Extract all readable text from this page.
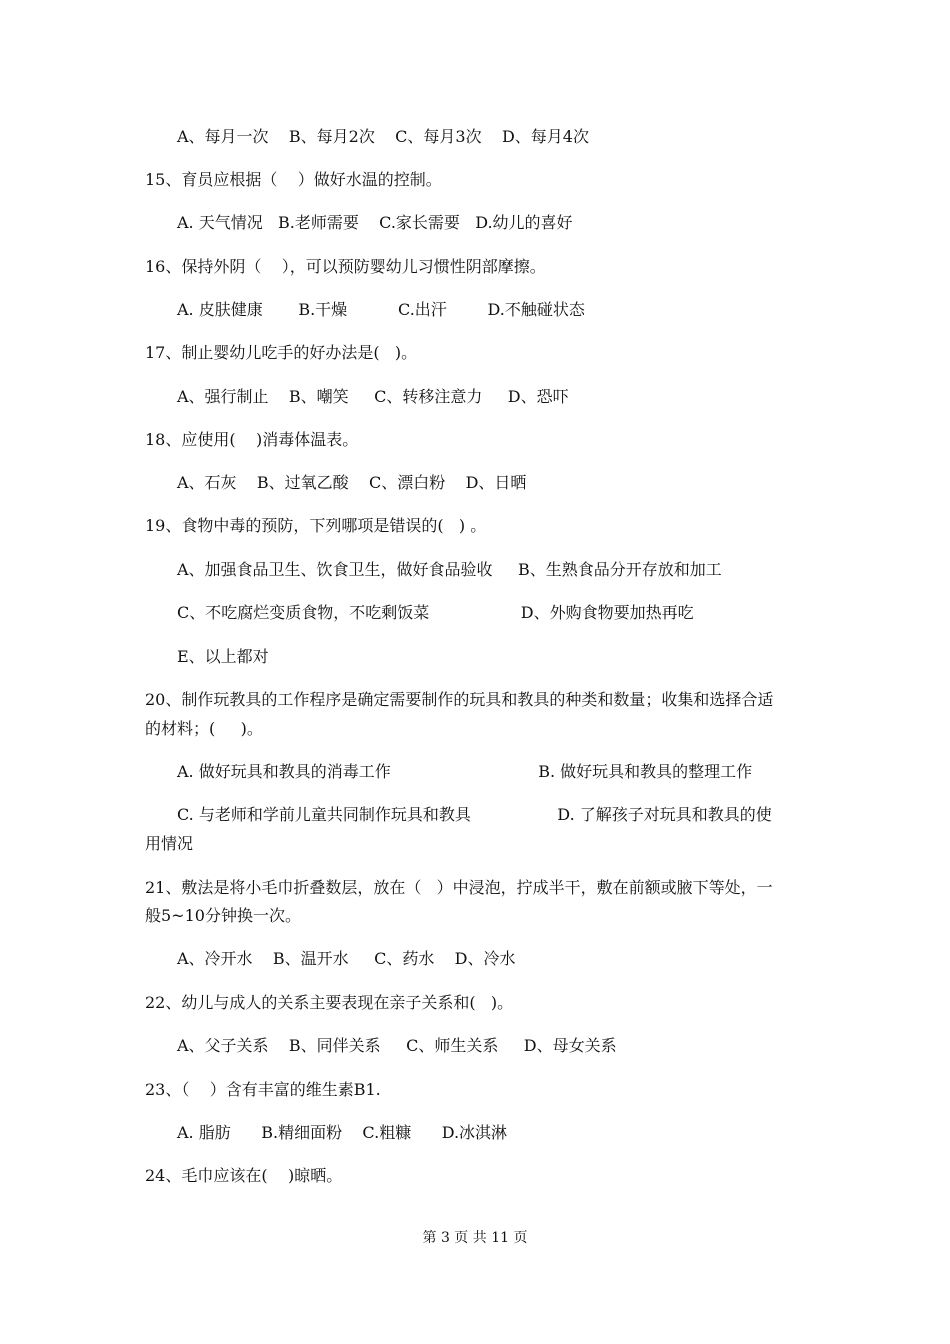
A、每月一次    B、每月2次    C、每月3次    D、每月4次
15、育员应根据（    ）做好水温的控制。
A. 天气情况   B.老师需要    C.家长需要   D.幼儿的喜好
16、保持外阴（    ），可以预防婴幼儿习惯性阴部摩擦。
A. 皮肤健康       B.干燥          C.出汗        D.不触碰状态
17、制止婴幼儿吃手的好办法是(   )。
A、强行制止    B、嘲笑     C、转移注意力     D、恐吓
18、应使用(    )消毒体温表。
A、石灰    B、过氧乙酸    C、漂白粉    D、日晒
19、食物中毒的预防，下列哪项是错误的(   ) 。
A、加强食品卫生、饮食卫生，做好食品验收     B、生熟食品分开存放和加工
C、不吃腐烂变质食物，不吃剩饭菜                  D、外购食物要加热再吃
E、以上都对
20、制作玩教具的工作程序是确定需要制作的玩具和教具的种类和数量；收集和选择合适
的材料；(     )。
A. 做好玩具和教具的消毒工作                             B. 做好玩具和教具的整理工作
C. 与老师和学前儿童共同制作玩具和教具                 D. 了解孩子对玩具和教具的使
用情况
21、敷法是将小毛巾折叠数层，放在（   ）中浸泡，拧成半干，敷在前额或腋下等处，一
般5~10分钟换一次。
A、冷开水    B、温开水     C、药水    D、冷水
22、幼儿与成人的关系主要表现在亲子关系和(   )。
A、父子关系    B、同伴关系     C、师生关系     D、母女关系
23、（    ）含有丰富的维生素B1.
A. 脂肪      B.精细面粉    C.粗糠      D.冰淇淋
24、毛巾应该在(    )晾晒。
第 3 页 共 11 页
